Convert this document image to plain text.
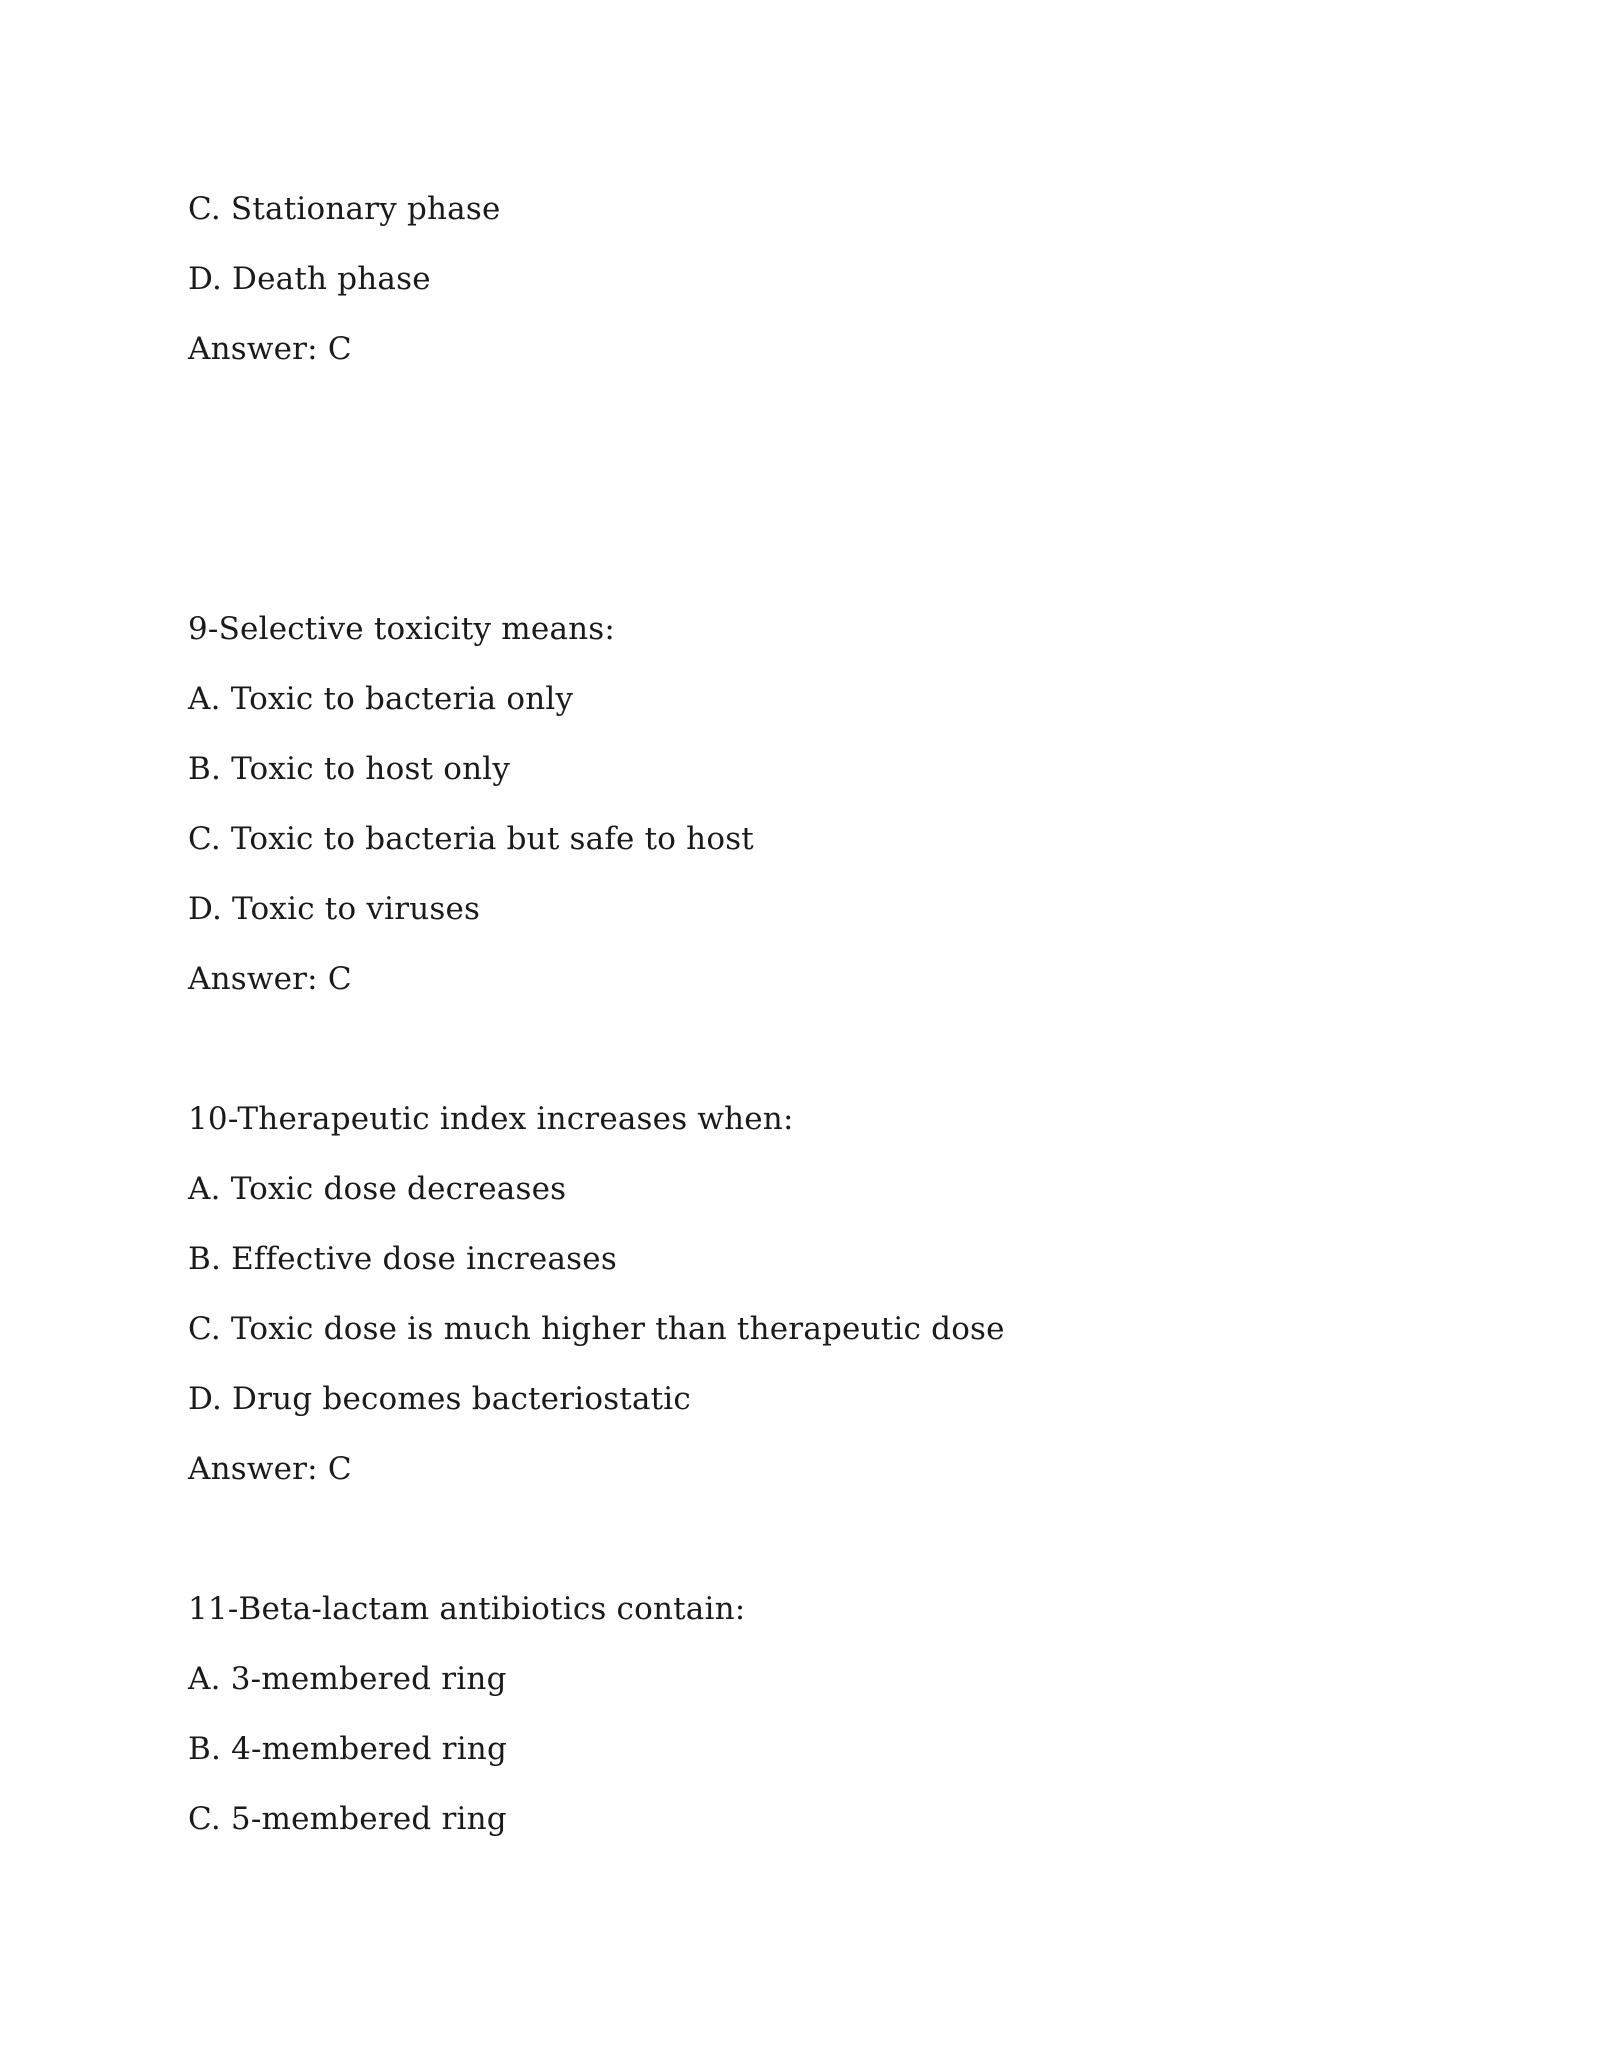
C. Stationary phase
D. Death phase
Answer: C
9-Selective toxicity means:
A. Toxic to bacteria only
B. Toxic to host only
C. Toxic to bacteria but safe to host
D. Toxic to viruses
Answer: C
10-Therapeutic index increases when:
A. Toxic dose decreases
B. Effective dose increases
C. Toxic dose is much higher than therapeutic dose
D. Drug becomes bacteriostatic
Answer: C
11-Beta-lactam antibiotics contain:
A. 3-membered ring
B. 4-membered ring
C. 5-membered ring
